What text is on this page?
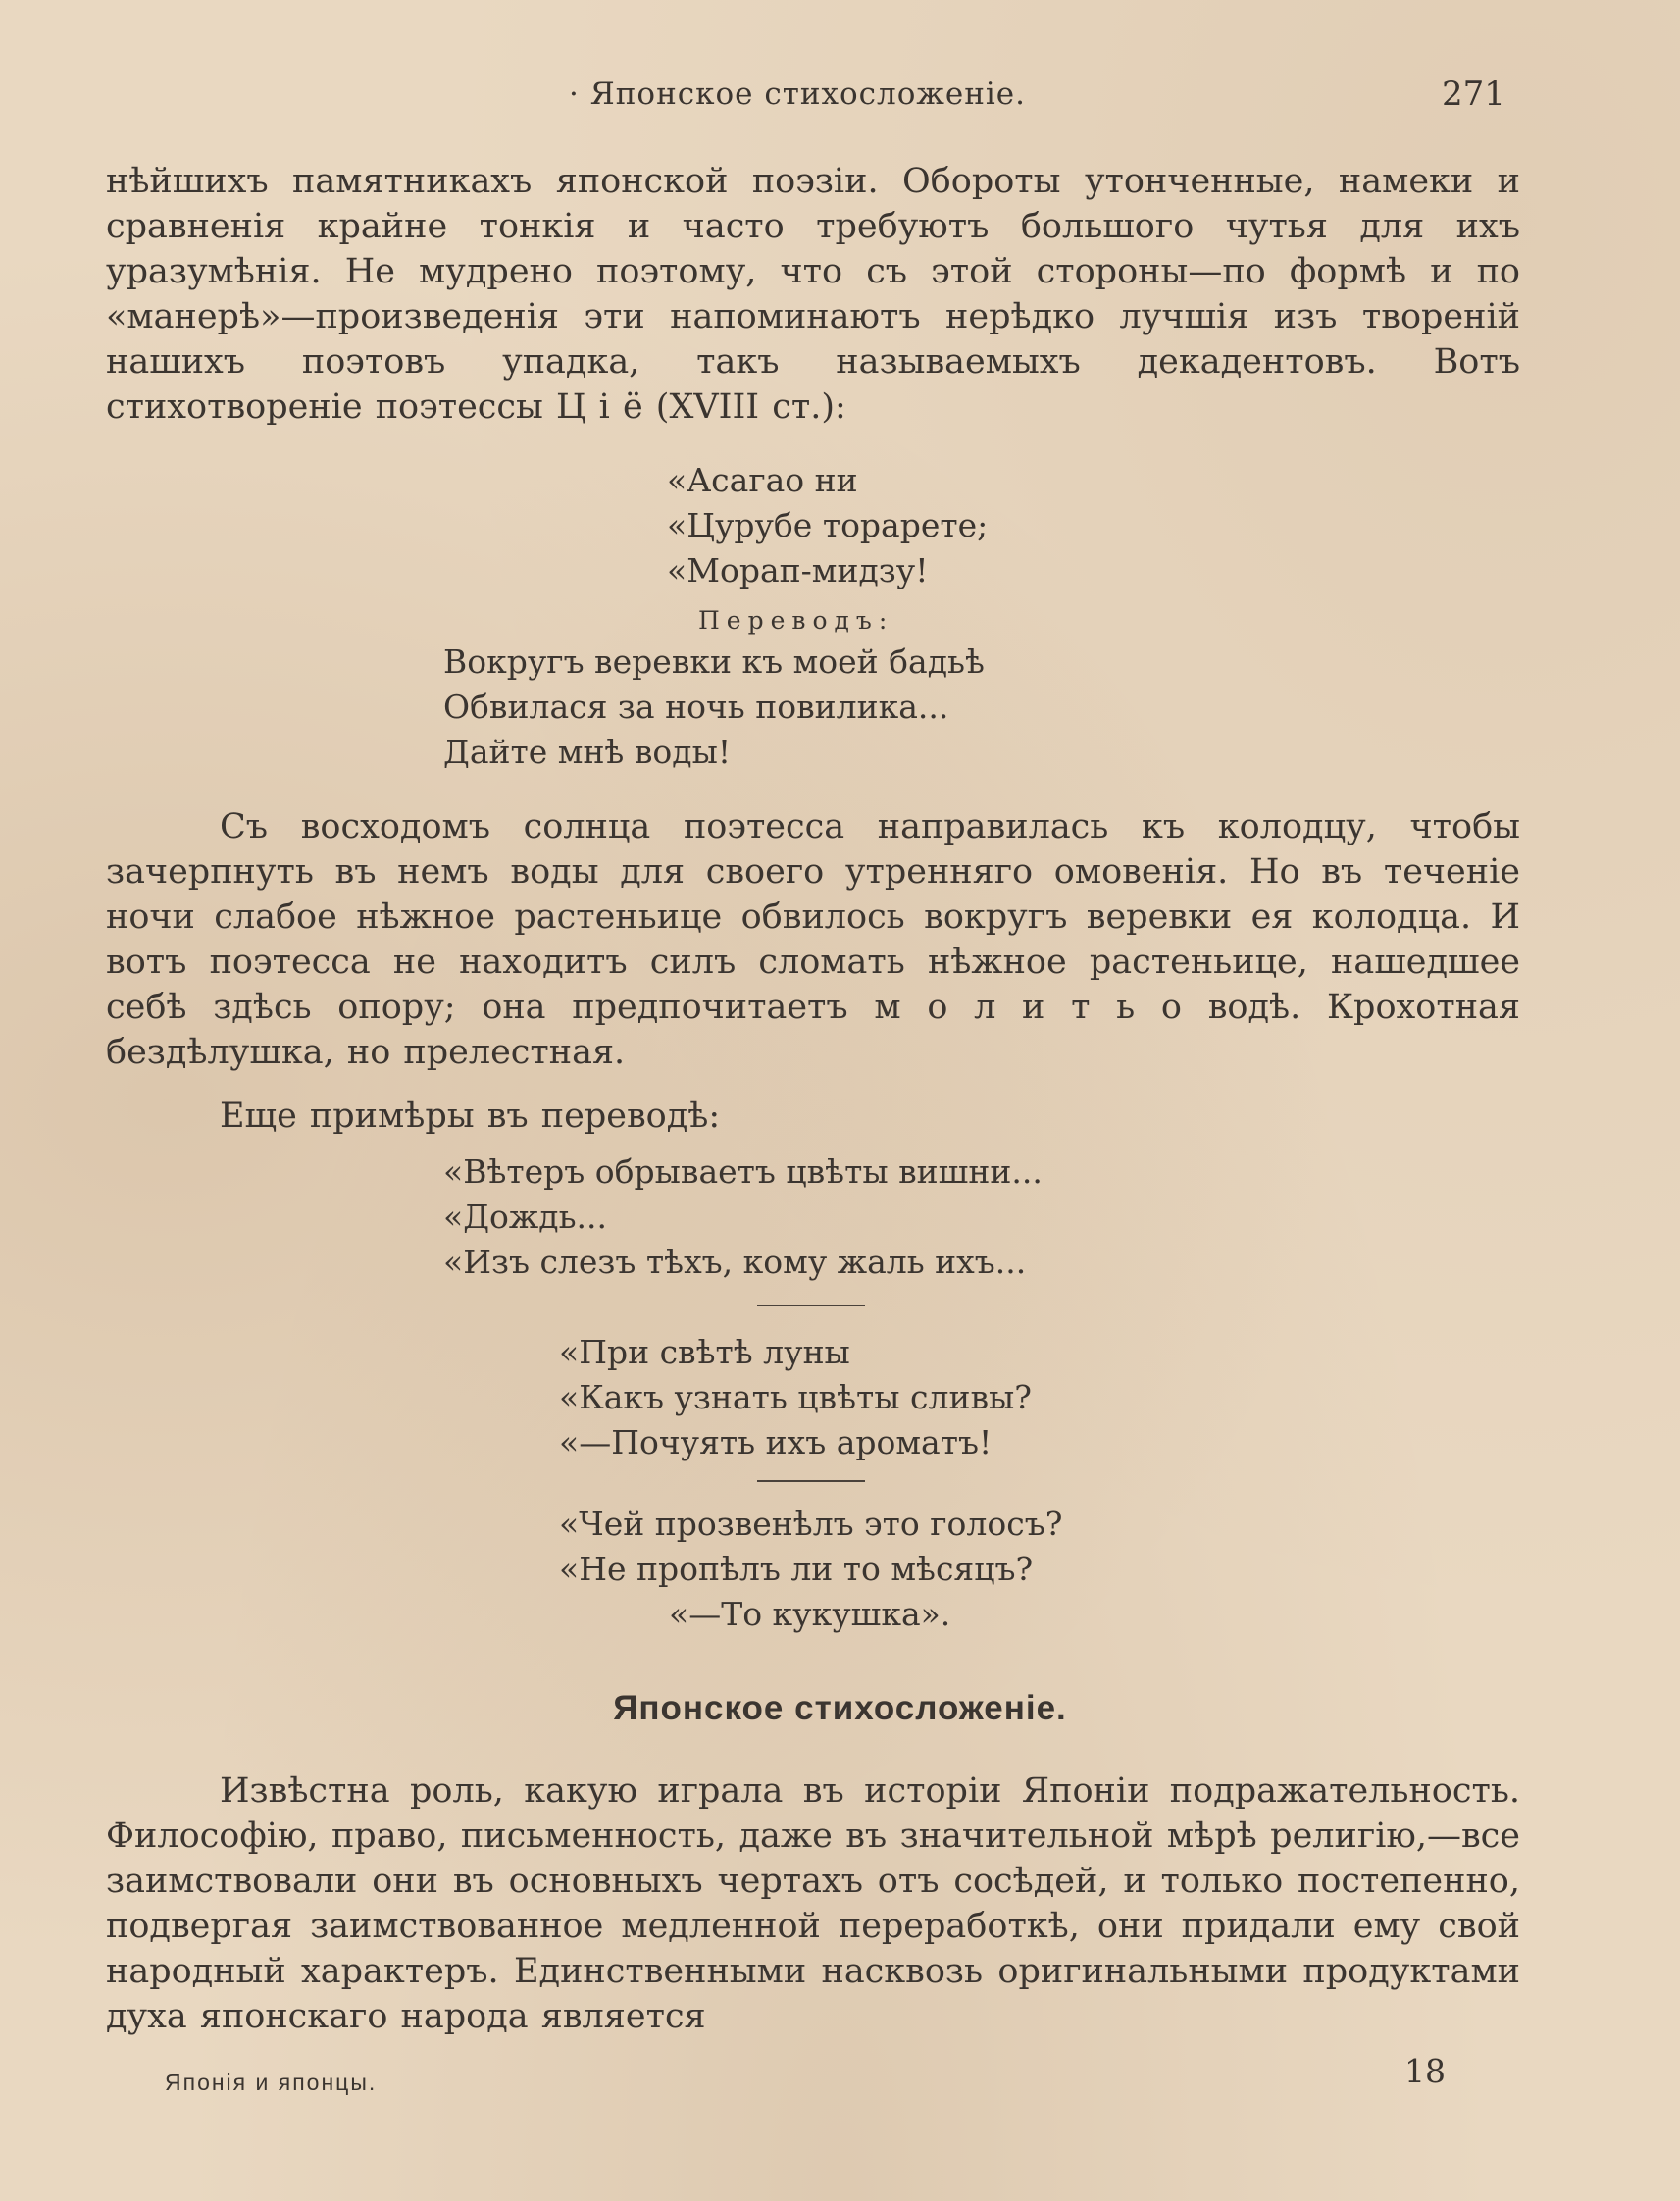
· Японское стихосложеніе.	271

нѣйшихъ памятникахъ японской поэзіи. Обороты утонченные, намеки и сравненія крайне тонкія и часто требуютъ большого чутья для ихъ уразумѣнія. Не мудрено поэтому, что съ этой стороны—по формѣ и по «манерѣ»—произведенія эти напоминаютъ нерѣдко лучшія изъ твореній нашихъ поэтовъ упадка, такъ называемыхъ декадентовъ. Вотъ стихотвореніе поэтессы Ц і ё (XVIII ст.):

«Асагао ни
«Цурубе торарете;
«Морап-мидзу!
Переводъ:
Вокругъ веревки къ моей бадьѣ
Обвилася за ночь повилика...
Дайте мнѣ воды!

Съ восходомъ солнца поэтесса направилась къ колодцу, чтобы зачерпнуть въ немъ воды для своего утренняго омовенія. Но въ теченіе ночи слабое нѣжное растеньице обвилось вокругъ веревки ея колодца. И вотъ поэтесса не находитъ силъ сломать нѣжное растеньице, нашедшее себѣ здѣсь опору; она предпочитаетъ м о л и т ь о водѣ. Крохотная бездѣлушка, но прелестная.

Еще примѣры въ переводѣ:

«Вѣтеръ обрываетъ цвѣты вишни...
«Дождь...
«Изъ слезъ тѣхъ, кому жаль ихъ...
«При свѣтѣ луны
«Какъ узнать цвѣты сливы?
«—Почуять ихъ ароматъ!
«Чей прозвенѣлъ это голосъ?
«Не пропѣлъ ли то мѣсяцъ?
«—То кукушка».
Японское стихосложеніе.

Извѣстна роль, какую играла въ исторіи Японіи подражательность. Философію, право, письменность, даже въ значительной мѣрѣ религію,—все заимствовали они въ основныхъ чертахъ отъ сосѣдей, и только постепенно, подвергая заимствованное медленной переработкѣ, они придали ему свой народный характеръ. Единственными насквозь оригинальными продуктами духа японскаго народа является

Японія и японцы.	18
